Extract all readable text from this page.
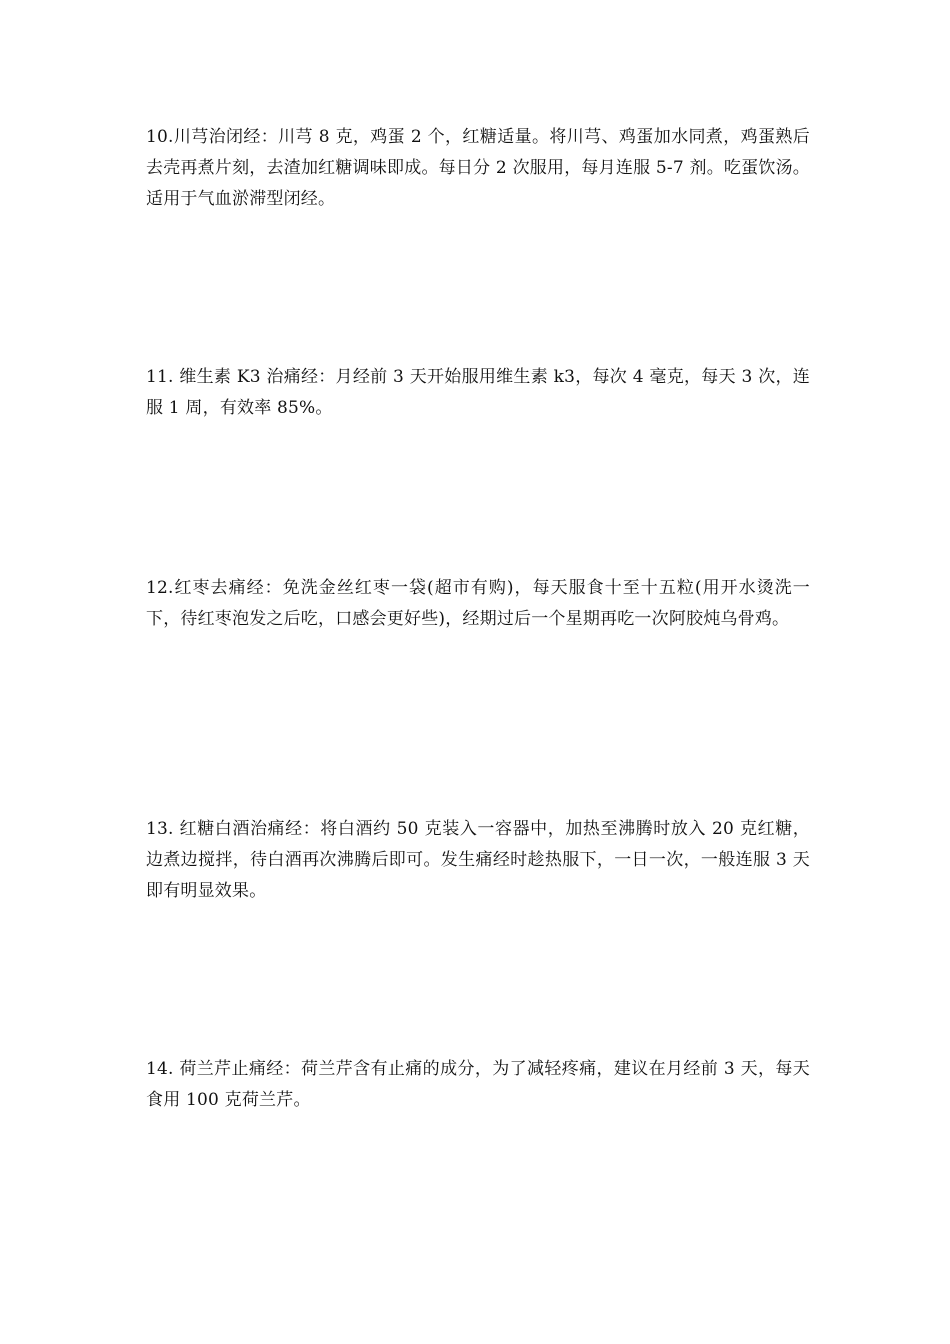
10.川芎治闭经：川芎 8 克，鸡蛋 2 个，红糖适量。将川芎、鸡蛋加水同煮，鸡蛋熟后去壳再煮片刻，去渣加红糖调味即成。每日分 2 次服用，每月连服 5-7 剂。吃蛋饮汤。适用于气血淤滞型闭经。

11. 维生素 K3 治痛经：月经前 3 天开始服用维生素 k3，每次 4 毫克，每天 3 次，连服 1 周，有效率 85%。

12.红枣去痛经：免洗金丝红枣一袋(超市有购)，每天服食十至十五粒(用开水烫洗一下，待红枣泡发之后吃，口感会更好些)，经期过后一个星期再吃一次阿胶炖乌骨鸡。

13. 红糖白酒治痛经：将白酒约 50 克装入一容器中，加热至沸腾时放入 20 克红糖，边煮边搅拌，待白酒再次沸腾后即可。发生痛经时趁热服下，一日一次，一般连服 3 天即有明显效果。

14. 荷兰芹止痛经：荷兰芹含有止痛的成分，为了减轻疼痛，建议在月经前 3 天，每天食用 100 克荷兰芹。
